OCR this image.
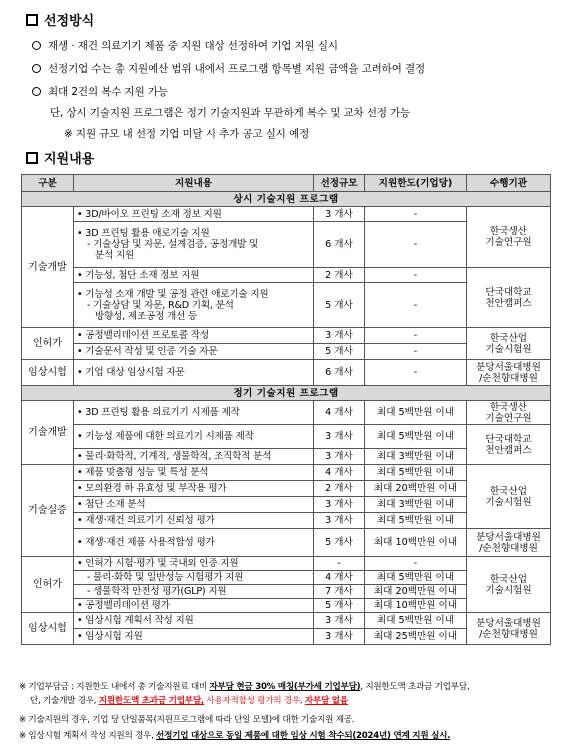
선정방식
재생 · 재건 의료기기 제품 중 지원 대상 선정하여 기업 지원 실시
선정기업 수는 총 지원예산 범위 내에서 프로그램 항목별 지원 금액을 고려하여 결정
최대 2건의 복수 지원 가능
단, 상시 기술지원 프로그램은 정기 기술지원과 무관하게 복수 및 교차 선정 가능
※ 지원 규모 내 선정 기업 미달 시 추가 공고 실시 예정
지원내용
구분	지원내용	선정규모	지원한도(기업당)	수행기관
상시 기술지원 프로그램				
기술개발	• 3D/바이오 프린팅 소재 정보 지원	3 개사	-	한국생산
기술연구원

	• 3D 프린팅 활용 애로기술 지원
- 기술상담 및 자문, 설계검증, 공정개발 및
분석 지원	6 개사	-	

	• 기능성, 첨단 소재 정보 지원	2 개사	-	단국대학교
천안캠퍼스

	• 기능성 소재 개발 및 공정 관련 애로기술 지원
- 기술상담 및 자문, R&D 기획, 분석
방향성, 제조공정 개선 등	5 개사	-	
인허가	• 공정밸리데이션 프로토콜 작성	3 개사	-	한국산업
기술시험원

	• 기술문서 작성 및 인증 기술 자문	5 개사	-	
임상시험	• 기업 대상 임상시험 자문	6 개사	-	분당서울대병원
/순천향대병원

정기 기술지원 프로그램				
기술개발	• 3D 프린팅 활용 의료기기 시제품 제작	4 개사	최대 5백만원 이내	한국생산
기술연구원

	• 기능성 제품에 대한 의료기기 시제품 제작	3 개사	최대 5백만원 이내	단국대학교
천안캠퍼스

	• 물리·화학적, 기계적, 생물학적, 조직학적 분석	3 개사	최대 3백만원 이내	
기술실증	• 제품 맞춤형 성능 및 특성 분석	4 개사	최대 5백만원 이내	한국산업
기술시험원

	• 모의환경 하 유효성 및 부작용 평가	2 개사	최대 20백만원 이내	

	• 첨단 소재 분석	3 개사	최대 3백만원 이내	

	• 재생·재건 의료기기 신뢰성 평가	3 개사	최대 5백만원 이내	

	• 재생·재건 제품 사용적합성 평가	5 개사	최대 10백만원 이내	분당서울대병원
/순천향대병원

인허가	• 인허가 시험·평가 및 국내외 인증 지원	-	-	한국산업
기술시험원

	- 물리·화학 및 일반성능 시험평가 지원	4 개사	최대 5백만원 이내	

	- 생물학적 안전성 평가(GLP) 지원	7 개사	최대 20백만원 이내	

	• 공정밸리데이션 평가	5 개사	최대 10백만원 이내	
임상시험	• 임상시험 계획서 작성 지원	3 개사	최대 5백만원 이내	분당서울대병원
/순천향대병원

	• 임상시험 지원	3 개사	최대 25백만원 이내	
※ 기업부담금 : 지원한도 내에서 총 기술지원료 대비 자부담 현금 30% 매칭(부가세 기업부담), 지원한도액 초과금 기업부담,
단, 기술개발 경우, 지원한도액 초과금 기업부담, 사용자적합성 평가의 경우, 자부담 없음
※ 기술지원의 경우, 기업 당 단일품목(지원프로그램에 따라 단일 모델)에 대한 기술지원 제공.
※ 임상시험 계획서 작성 지원의 경우, 선정기업 대상으로 동일 제품에 대한 임상 시험 착수되(2024년) 연계 지원 실시.
